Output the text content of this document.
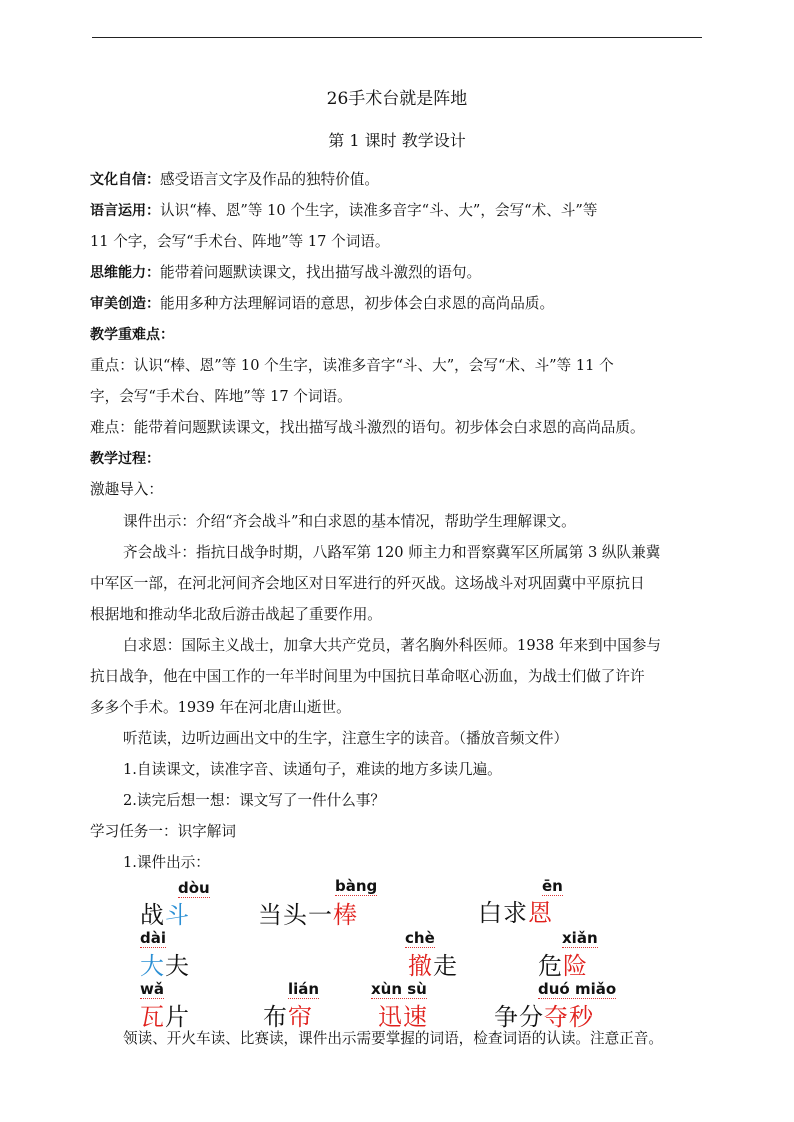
26手术台就是阵地
第 1 课时 教学设计
文化自信：感受语言文字及作品的独特价值。
语言运用：认识“棒、恩”等 10 个生字，读准多音字“斗、大”，会写“术、斗”等
11 个字，会写“手术台、阵地”等 17 个词语。
思维能力：能带着问题默读课文，找出描写战斗激烈的语句。
审美创造：能用多种方法理解词语的意思，初步体会白求恩的高尚品质。
教学重难点：
重点：认识“棒、恩”等 10 个生字，读准多音字“斗、大”，会写“术、斗”等 11 个
字，会写“手术台、阵地”等 17 个词语。
难点：能带着问题默读课文，找出描写战斗激烈的语句。初步体会白求恩的高尚品质。
教学过程：
激趣导入：
课件出示：介绍“齐会战斗”和白求恩的基本情况，帮助学生理解课文。
齐会战斗：指抗日战争时期，八路军第 120 师主力和晋察冀军区所属第 3 纵队兼冀
中军区一部，在河北河间齐会地区对日军进行的歼灭战。这场战斗对巩固冀中平原抗日
根据地和推动华北敌后游击战起了重要作用。
白求恩：国际主义战士，加拿大共产党员，著名胸外科医师。1938 年来到中国参与
抗日战争，他在中国工作的一年半时间里为中国抗日革命呕心沥血，为战士们做了许许
多多个手术。1939 年在河北唐山逝世。
听范读，边听边画出文中的生字，注意生字的读音。（播放音频文件）
1.自读课文，读准字音、读通句子，难读的地方多读几遍。
2.读完后想一想：课文写了一件什么事？
学习任务一：识字解词
1.课件出示：
dòu	bàng	ēn
战斗	当头一棒	白求恩
dài	chè	xiǎn
大夫	撤走	危险
wǎ	lián	xùn sù	duó miǎo
瓦片	布帘	迅速	争分夺秒
领读、开火车读、比赛读，课件出示需要掌握的词语，检查词语的认读。注意正音。
